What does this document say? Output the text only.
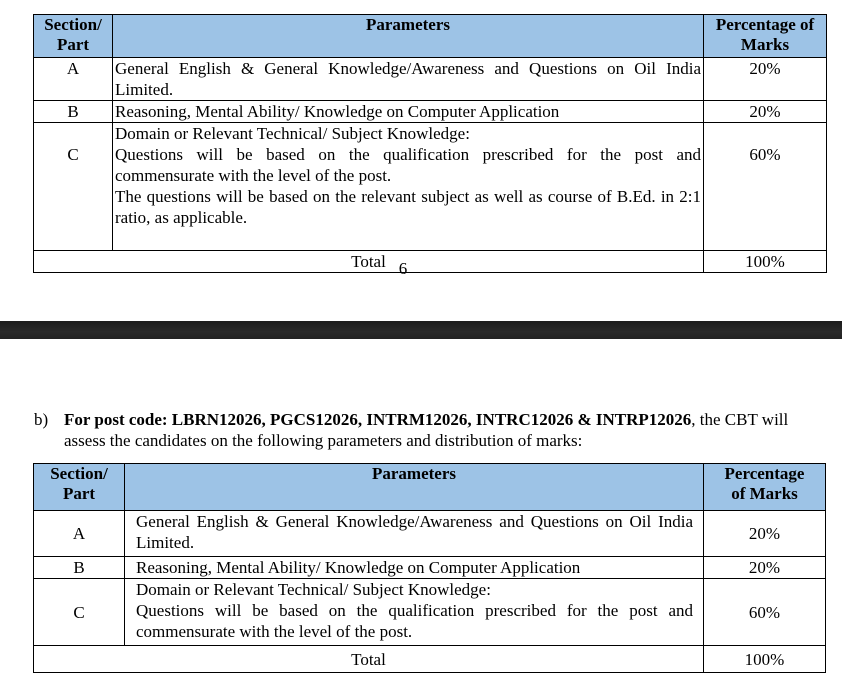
Section/
Part	Parameters	Percentage of
Marks

A	General English & General Knowledge/Awareness and Questions on Oil India Limited.	20%
B	Reasoning, Mental Ability/ Knowledge on Computer Application	20%
C	Domain or Relevant Technical/ Subject Knowledge:
Questions will be based on the qualification prescribed for the post and commensurate with the level of the post.
The questions will be based on the relevant subject as well as course of B.Ed. in 2:1 ratio, as applicable.	60%
Total		100%
6
b) For post code: LBRN12026, PGCS12026, INTRM12026, INTRC12026 & INTRP12026, the CBT will assess the candidates on the following parameters and distribution of marks:
Section/
Part	Parameters	Percentage
of Marks

A	General English & General Knowledge/Awareness and Questions on Oil India Limited.	20%
B	Reasoning, Mental Ability/ Knowledge on Computer Application	20%
C	Domain or Relevant Technical/ Subject Knowledge:
Questions will be based on the qualification prescribed for the post and commensurate with the level of the post.	60%
Total		100%
